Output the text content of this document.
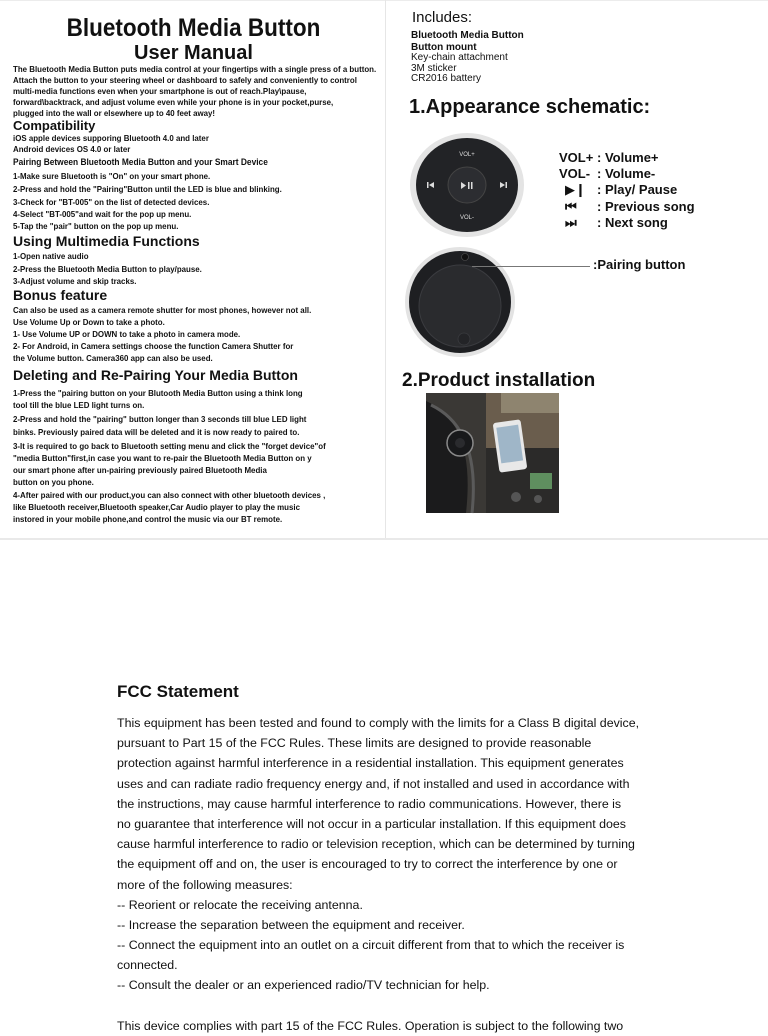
Bluetooth Media Button
User Manual
The Bluetooth Media Button puts media control at your fingertips with a single press of a button.
Attach the button to your steering wheel or dashboard to safely and conveniently to control
multi-media functions even when your smartphone is out of reach.Play\pause,
forward\backtrack, and adjust volume even while your phone is in your pocket,purse,
plugged into the wall or elsewhere up to 40 feet away!
Compatibility
iOS apple devices supporing Bluetooth 4.0 and later
Android devices OS 4.0 or later
Pairing Between Bluetooth Media Button and your Smart Device
1-Make sure Bluetooth is "On" on your smart phone.
2-Press and hold the "Pairing"Button until the LED is blue and blinking.
3-Check for "BT-005" on the list of detected devices.
4-Select "BT-005"and wait for the pop up menu.
5-Tap the "pair" button on the pop up menu.
Using Multimedia Functions
1-Open native audio
2-Press the Bluetooth Media Button to play/pause.
3-Adjust volume and skip tracks.
Bonus feature
Can also be used as a camera remote shutter for most phones, however not all.
Use Volume Up or Down to take a photo.
1- Use Volume UP or DOWN to take a photo in camera mode.
2- For Android, in Camera settings choose the function Camera Shutter for
the Volume button. Camera360 app can also be used.
Deleting and Re-Pairing Your Media Button
1-Press the "pairing button on your Blutooth Media Button using a think long
tool till the blue LED light turns on.
2-Press and hold the "pairing" button longer than 3 seconds till blue LED light
binks. Previously paired data will be deleted and it is now ready to paired to.
3-It is required to go back to Bluetooth setting menu and click the "forget device"of
"media Button"first,in case you want to re-pair the Bluetooth Media Button on y
our smart phone after un-pairing previously paired Bluetooth Media
button on you phone.
4-After paired with our product,you can also connect with other bluetooth devices ,
like Bluetooth receiver,Bluetooth speaker,Car Audio player to play the music
instored in your mobile phone,and control the music via our BT remote.
Includes:
Bluetooth Media Button
Button mount
Key-chain attachment
3M sticker
CR2016 battery
1.Appearance schematic:
VOL+
VOL-
VOL+ : Volume+
VOL- : Volume-
▶❙ : Play/ Pause
⏮ : Previous song
⏭ : Next song
:Pairing button
2.Product installation
FCC Statement
This equipment has been tested and found to comply with the limits for a Class B digital device,
pursuant to Part 15 of the FCC Rules. These limits are designed to provide reasonable
protection against harmful interference in a residential installation. This equipment generates
uses and can radiate radio frequency energy and, if not installed and used in accordance with
the instructions, may cause harmful interference to radio communications. However, there is
no guarantee that interference will not occur in a particular installation. If this equipment does
cause harmful interference to radio or television reception, which can be determined by turning
the equipment off and on, the user is encouraged to try to correct the interference by one or
more of the following measures:
-- Reorient or relocate the receiving antenna.
-- Increase the separation between the equipment and receiver.
-- Connect the equipment into an outlet on a circuit different from that to which the receiver is
connected.
-- Consult the dealer or an experienced radio/TV technician for help.
This device complies with part 15 of the FCC Rules. Operation is subject to the following two
